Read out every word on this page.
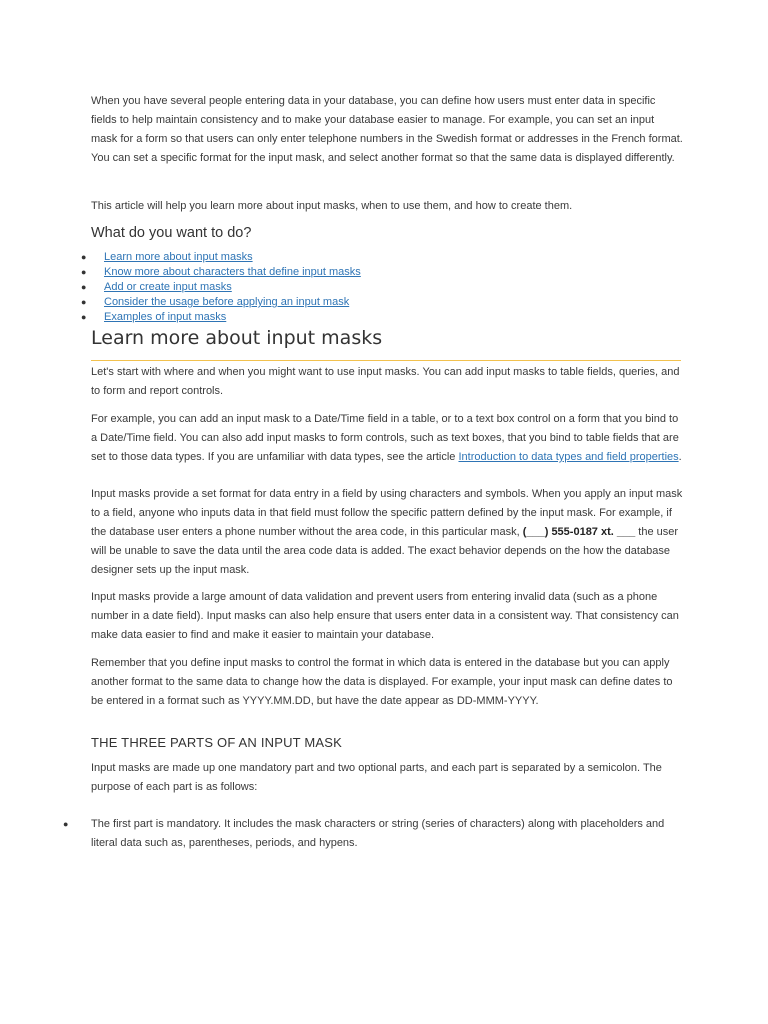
When you have several people entering data in your database, you can define how users must enter data in specific fields to help maintain consistency and to make your database easier to manage. For example, you can set an input mask for a form so that users can only enter telephone numbers in the Swedish format or addresses in the French format. You can set a specific format for the input mask, and select another format so that the same data is displayed differently.

This article will help you learn more about input masks, when to use them, and how to create them.

What do you want to do?
● Learn more about input masks
● Know more about characters that define input masks
● Add or create input masks
● Consider the usage before applying an input mask
● Examples of input masks
Learn more about input masks

Let's start with where and when you might want to use input masks. You can add input masks to table fields, queries, and to form and report controls.

For example, you can add an input mask to a Date/Time field in a table, or to a text box control on a form that you bind to a Date/Time field. You can also add input masks to form controls, such as text boxes, that you bind to table fields that are set to those data types. If you are unfamiliar with data types, see the article Introduction to data types and field properties.

Input masks provide a set format for data entry in a field by using characters and symbols. When you apply an input mask to a field, anyone who inputs data in that field must follow the specific pattern defined by the input mask. For example, if the database user enters a phone number without the area code, in this particular mask, (___) 555-0187 xt. ___ the user will be unable to save the data until the area code data is added. The exact behavior depends on the how the database designer sets up the input mask.

Input masks provide a large amount of data validation and prevent users from entering invalid data (such as a phone number in a date field). Input masks can also help ensure that users enter data in a consistent way. That consistency can make data easier to find and make it easier to maintain your database.

Remember that you define input masks to control the format in which data is entered in the database but you can apply another format to the same data to change how the data is displayed. For example, your input mask can define dates to be entered in a format such as YYYY.MM.DD, but have the date appear as DD-MMM-YYYY.

THE THREE PARTS OF AN INPUT MASK

Input masks are made up one mandatory part and two optional parts, and each part is separated by a semicolon. The purpose of each part is as follows:

● The first part is mandatory. It includes the mask characters or string (series of characters) along with placeholders and literal data such as, parentheses, periods, and hypens.
